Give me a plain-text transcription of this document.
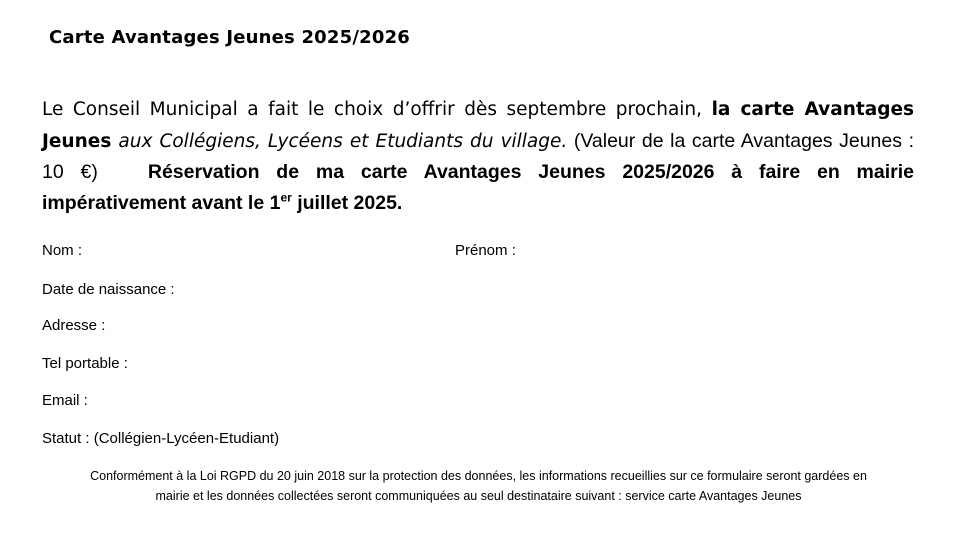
Carte Avantages Jeunes 2025/2026
Le Conseil Municipal a fait le choix d’offrir dès septembre prochain, la carte Avantages Jeunes aux Collégiens, Lycéens et Etudiants du village. (Valeur de la carte Avantages Jeunes : 10 €)	Réservation de ma carte Avantages Jeunes 2025/2026 à faire en mairie impérativement avant le 1er juillet 2025.
Nom :	Prénom :
Date de naissance :
Adresse :
Tel portable :
Email :
Statut : (Collégien-Lycéen-Etudiant)
Conformément à la Loi RGPD du 20 juin 2018 sur la protection des données, les informations recueillies sur ce formulaire seront gardées en
mairie et les données collectées seront communiquées au seul destinataire suivant : service carte Avantages Jeunes
